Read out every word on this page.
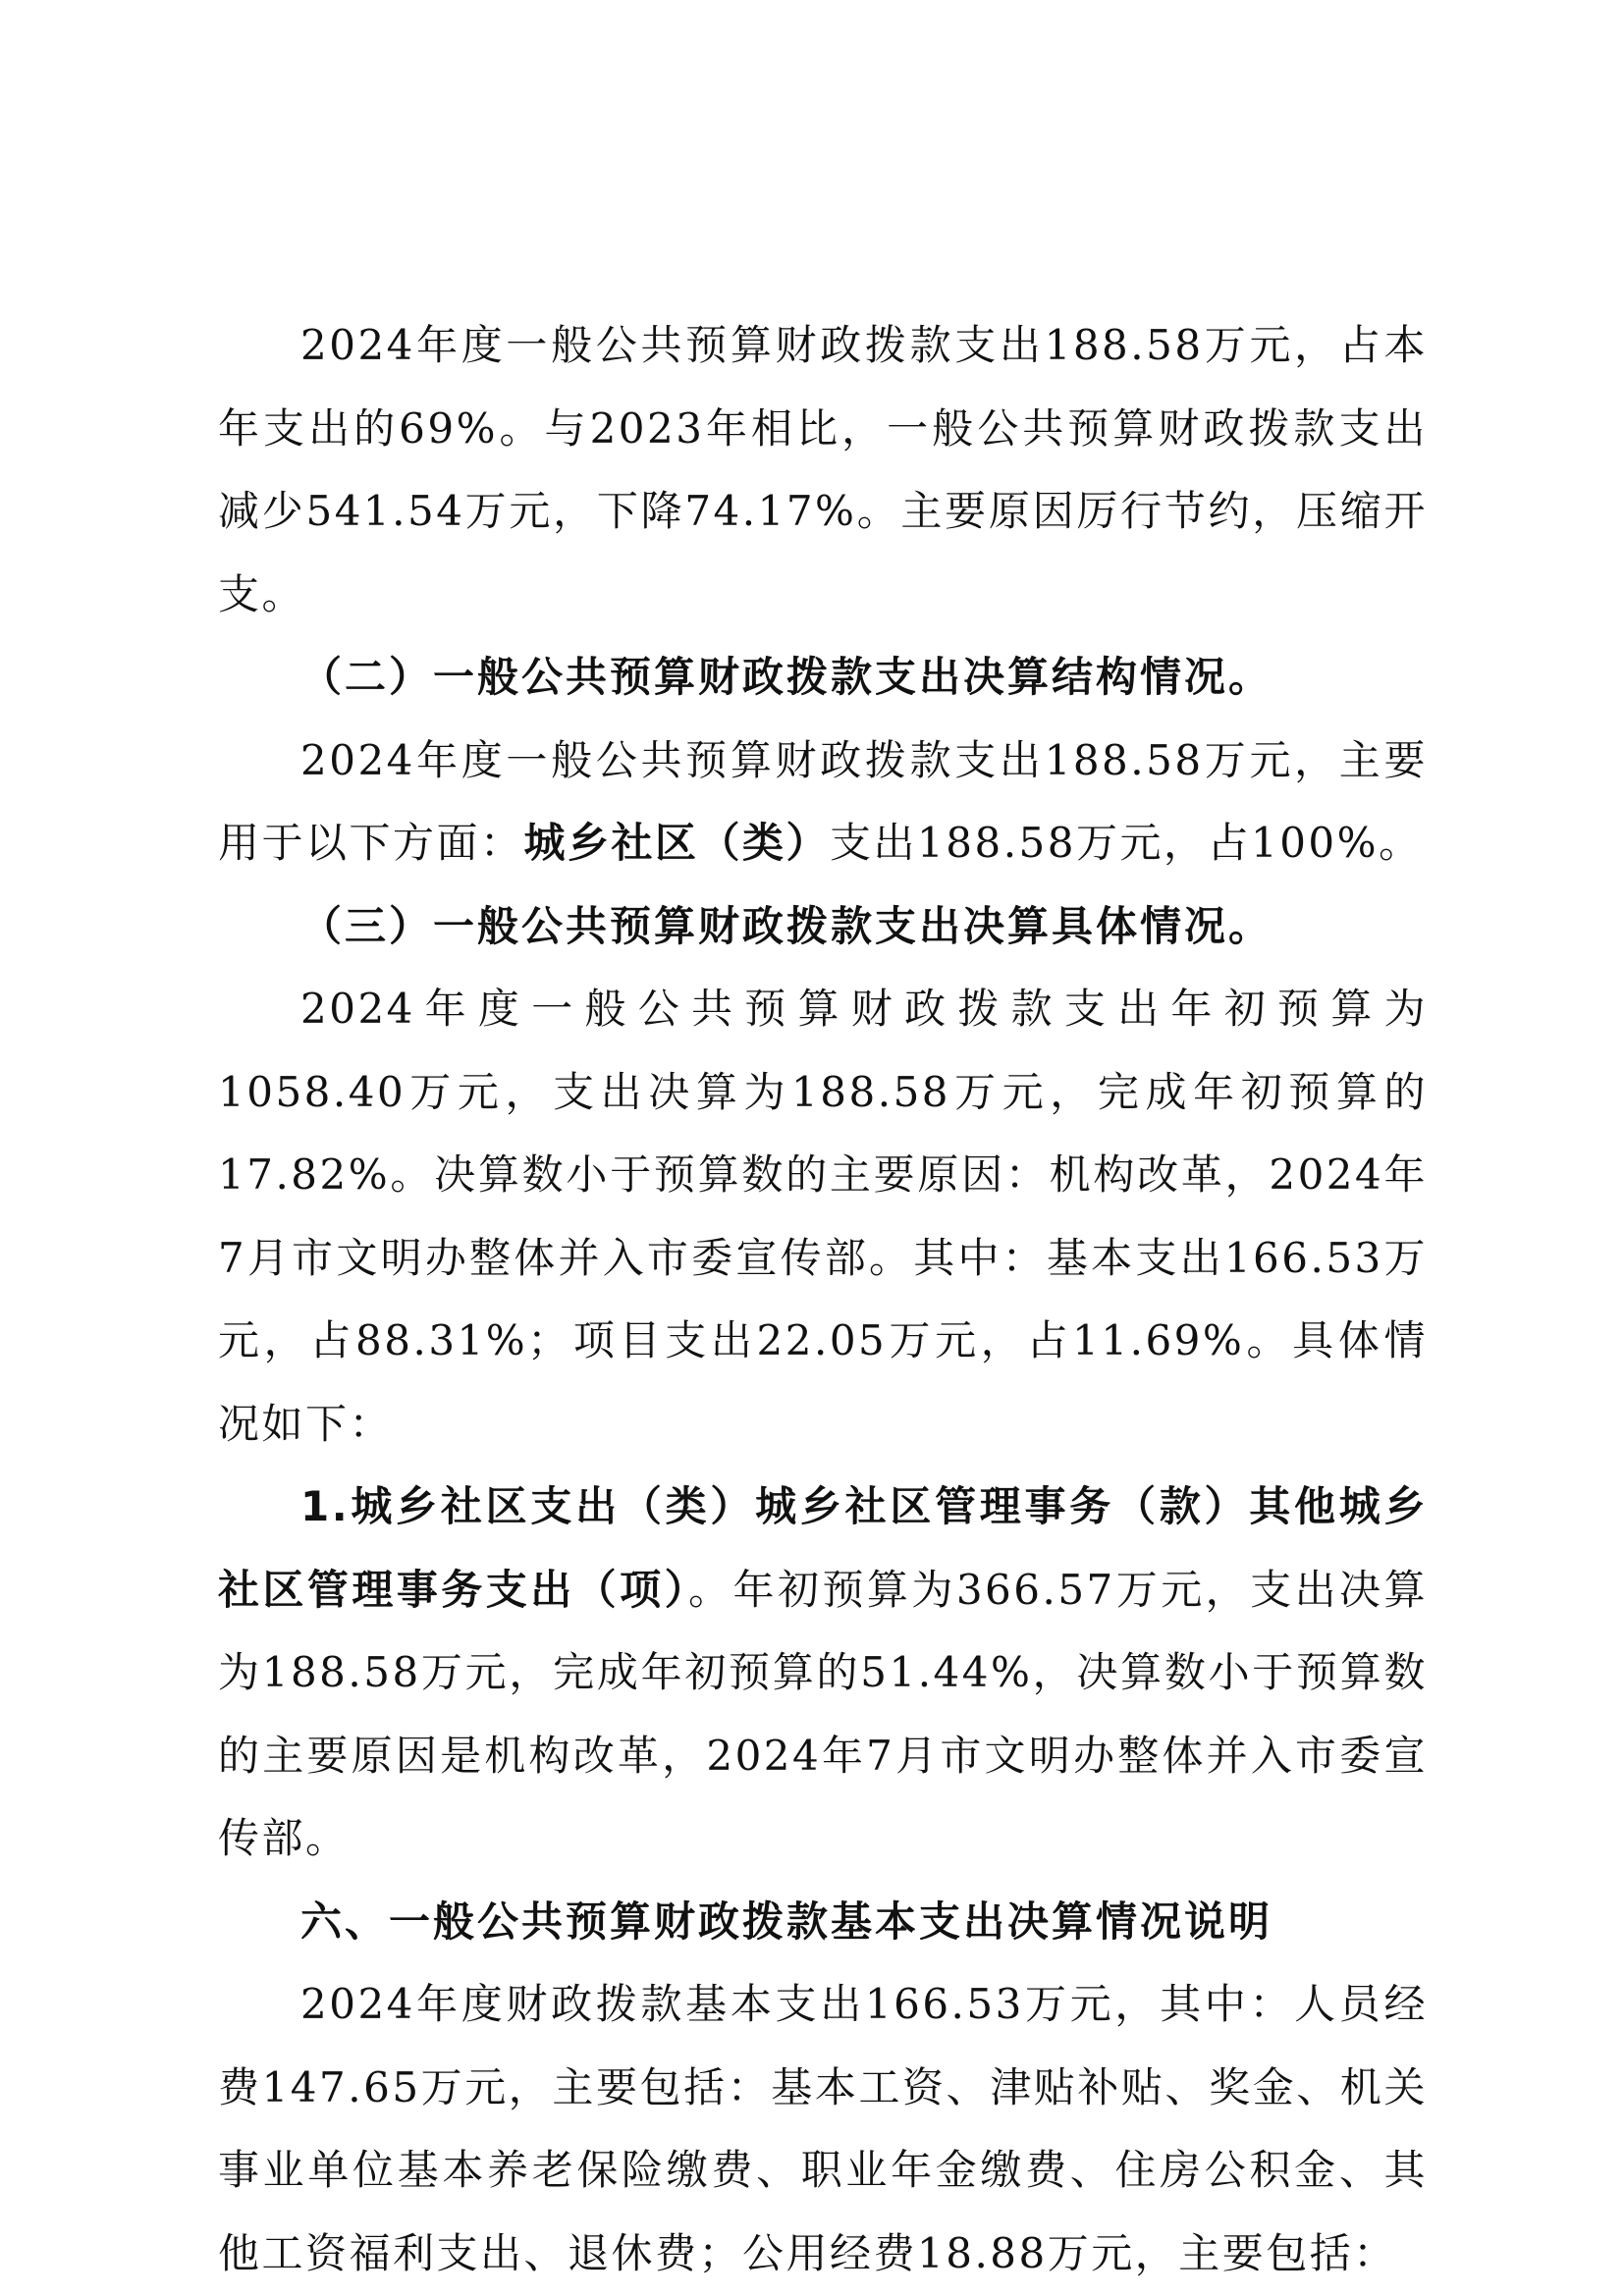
2024年度一般公共预算财政拨款支出188.58万元，占本年支出的69%。与2023年相比，一般公共预算财政拨款支出减少541.54万元，下降74.17%。主要原因厉行节约，压缩开支。

（二）一般公共预算财政拨款支出决算结构情况。

2024年度一般公共预算财政拨款支出188.58万元，主要用于以下方面：城乡社区（类）支出188.58万元，占100%。

（三）一般公共预算财政拨款支出决算具体情况。

2024年度一般公共预算财政拨款支出年初预算为1058.40万元，支出决算为188.58万元，完成年初预算的17.82%。决算数小于预算数的主要原因：机构改革，2024年7月市文明办整体并入市委宣传部。其中：基本支出166.53万元，占88.31%；项目支出22.05万元，占11.69%。具体情况如下：

1.城乡社区支出（类）城乡社区管理事务（款）其他城乡社区管理事务支出（项）。年初预算为366.57万元，支出决算为188.58万元，完成年初预算的51.44%，决算数小于预算数的主要原因是机构改革，2024年7月市文明办整体并入市委宣传部。

六、一般公共预算财政拨款基本支出决算情况说明

2024年度财政拨款基本支出166.53万元，其中：人员经费147.65万元，主要包括：基本工资、津贴补贴、奖金、机关事业单位基本养老保险缴费、职业年金缴费、住房公积金、其他工资福利支出、退休费；公用经费18.88万元，主要包括：
